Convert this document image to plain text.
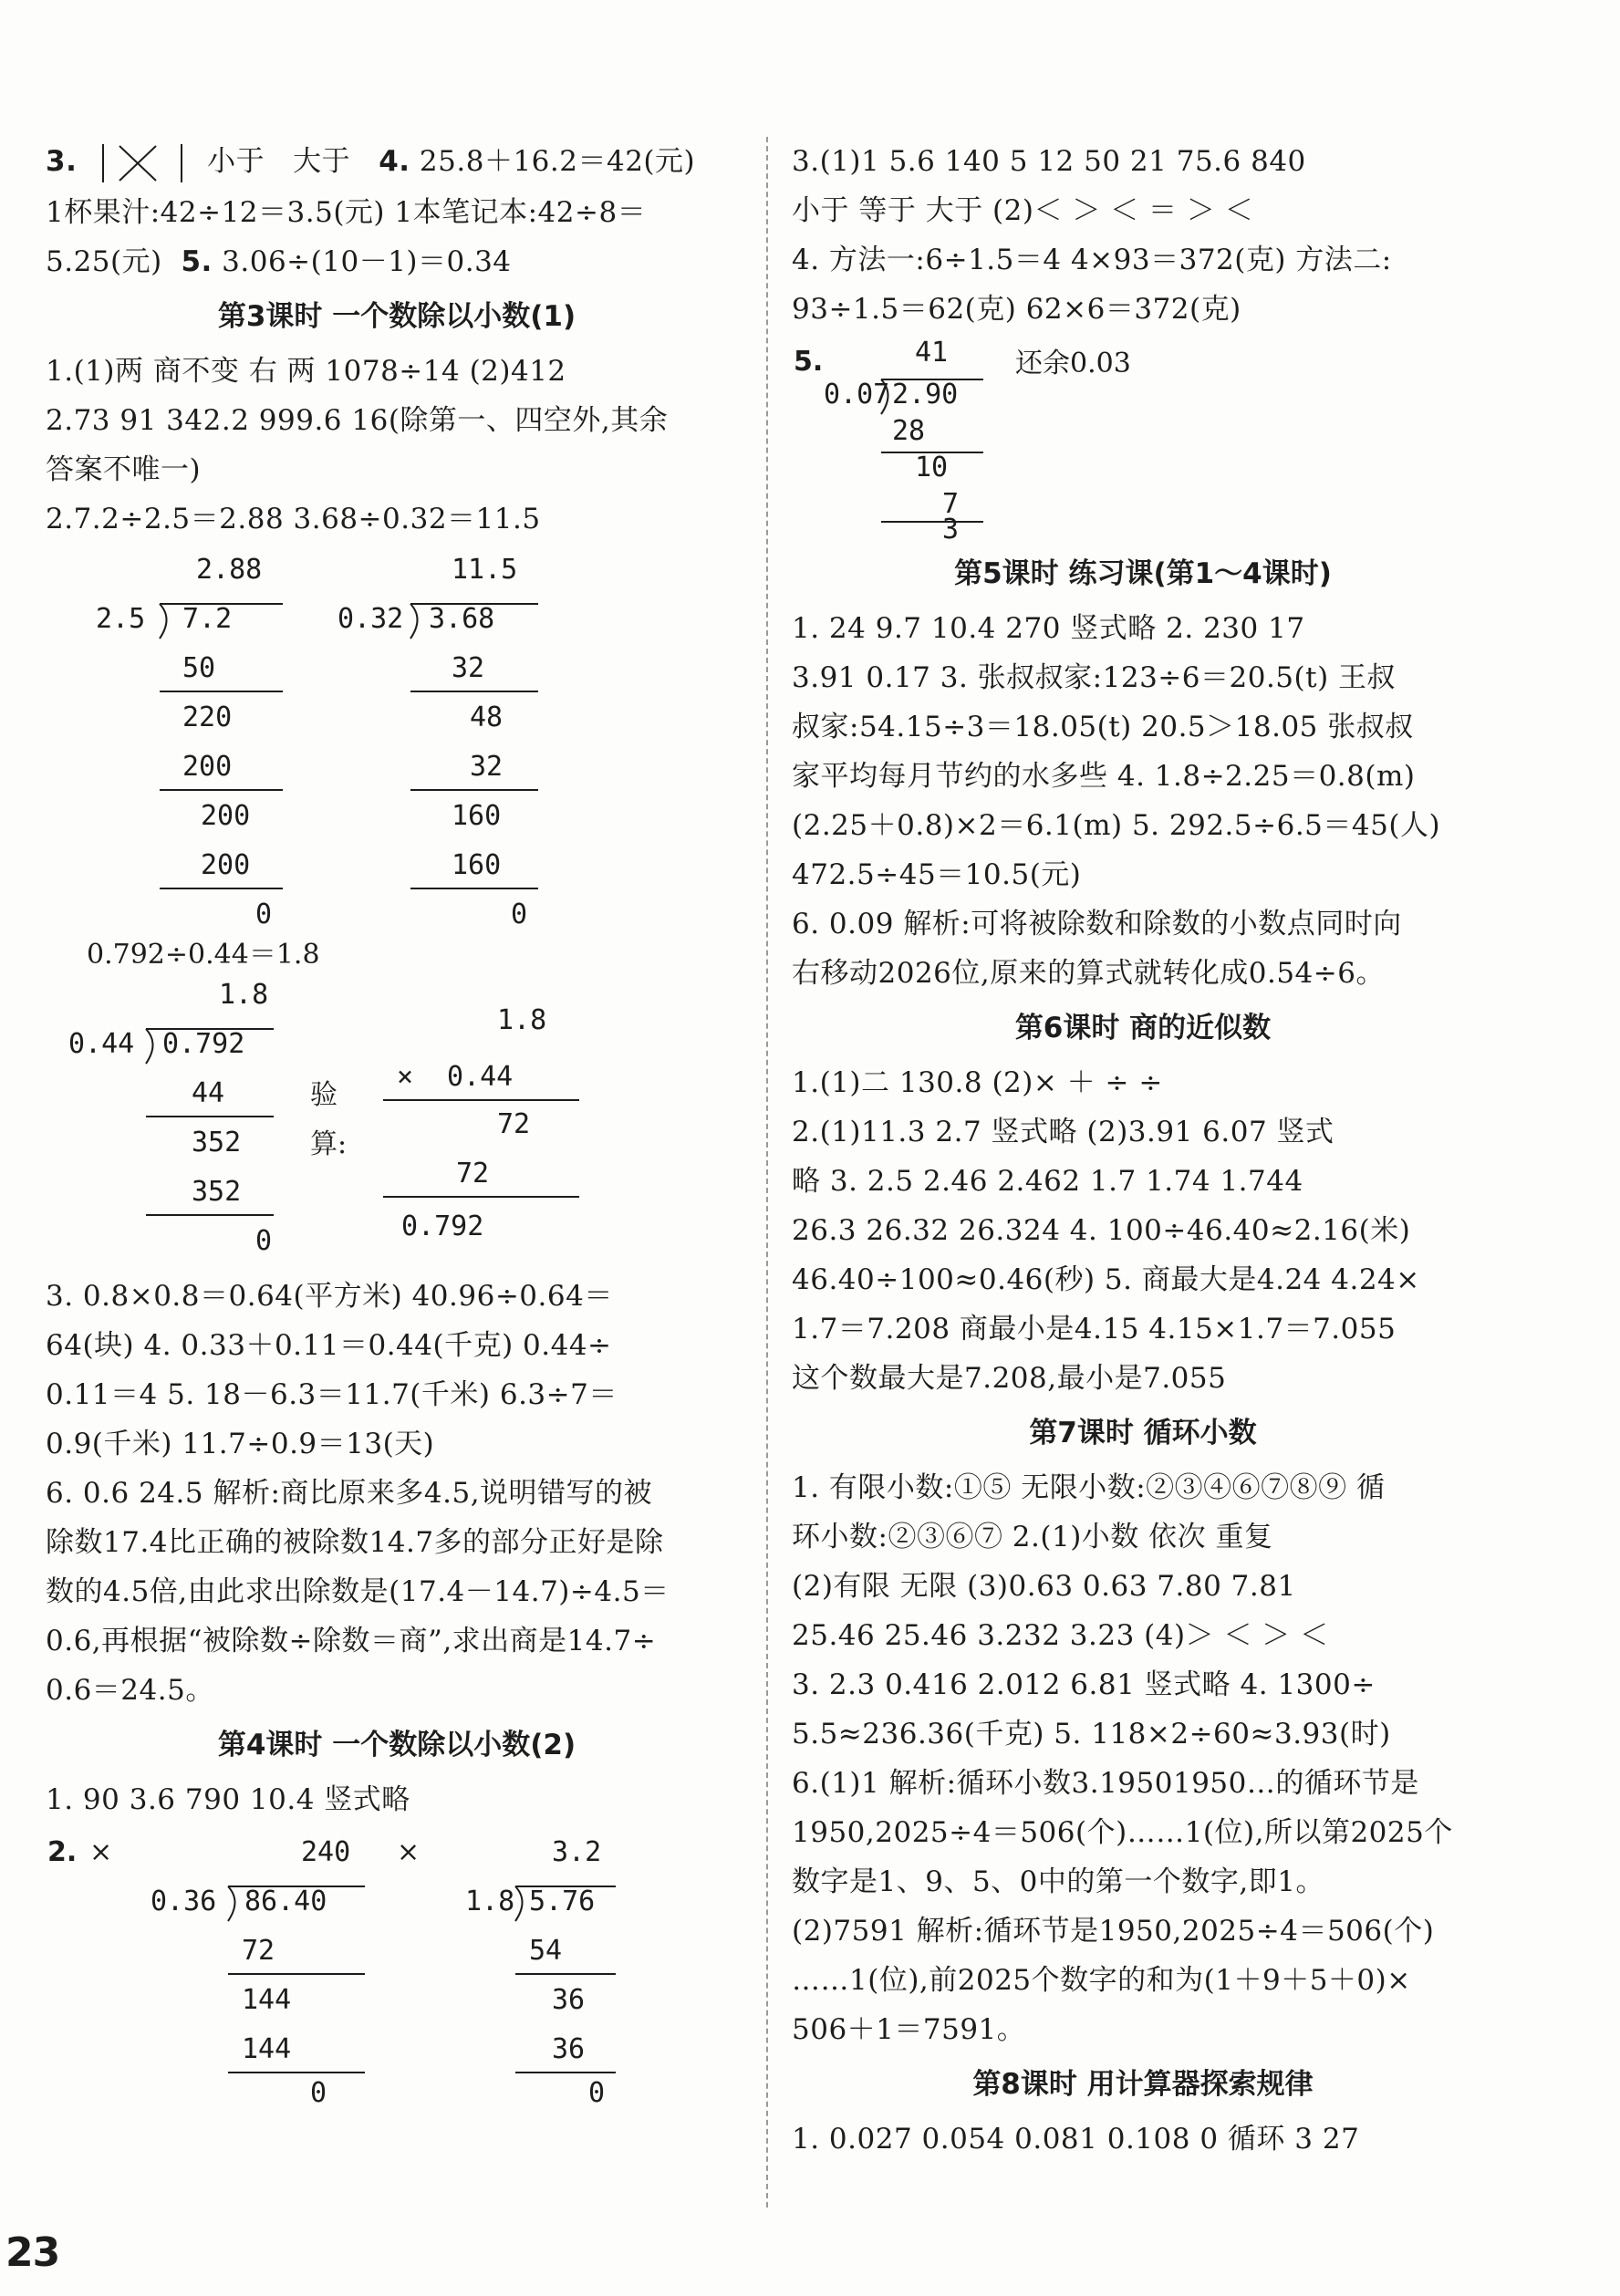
3.	小于 大于 4. 25.8＋16.2＝42(元)
1杯果汁:42÷12＝3.5(元) 1本笔记本:42÷8＝
5.25(元) 5. 3.06÷(10－1)＝0.34
第3课时 一个数除以小数(1)
1.(1)两 商不变 右 两 1078÷14 (2)412
2.73 91 342.2 999.6 16(除第一、四空外,其余
答案不唯一)
2.7.2÷2.5＝2.88 3.68÷0.32＝11.5
2.88
2.5 7.2
50
220
200
200
200
0
11.5
0.32 3.68
32
48
32
160
160
0
0.792÷0.44＝1.8

1.8
0.44 0.792
44
352
352
0
验
算:
1.8
× 0.44
72
72
0.792
3. 0.8×0.8＝0.64(平方米) 40.96÷0.64＝
64(块) 4. 0.33＋0.11＝0.44(千克) 0.44÷
0.11＝4 5. 18－6.3＝11.7(千米) 6.3÷7＝
0.9(千米) 11.7÷0.9＝13(天)
6. 0.6 24.5 解析:商比原来多4.5,说明错写的被
除数17.4比正确的被除数14.7多的部分正好是除
数的4.5倍,由此求出除数是(17.4－14.7)÷4.5＝
0.6,再根据“被除数÷除数＝商”,求出商是14.7÷
0.6＝24.5。
第4课时 一个数除以小数(2)
1. 90 3.6 790 10.4 竖式略
2. ×	240
0.36 86.40
72
144
144
0
×	3.2
1.8 5.76
54
36
36
0
3.(1)1 5.6 140 5 12 50 21 75.6 840
小于 等于 大于 (2)＜ ＞ ＜ ＝ ＞ ＜
4. 方法一:6÷1.5＝4 4×93＝372(克) 方法二:
93÷1.5＝62(克) 62×6＝372(克)
5.	41 还余0.03
0.07 2.90
28
10
7
3
第5课时 练习课(第1～4课时)
1. 24 9.7 10.4 270 竖式略 2. 230 17
3.91 0.17 3. 张叔叔家:123÷6＝20.5(t) 王叔
叔家:54.15÷3＝18.05(t) 20.5＞18.05 张叔叔
家平均每月节约的水多些 4. 1.8÷2.25＝0.8(m)
(2.25＋0.8)×2＝6.1(m) 5. 292.5÷6.5＝45(人)
472.5÷45＝10.5(元)
6. 0.09 解析:可将被除数和除数的小数点同时向
右移动2026位,原来的算式就转化成0.54÷6。
第6课时 商的近似数
1.(1)二 130.8 (2)× ＋ ÷ ÷
2.(1)11.3 2.7 竖式略 (2)3.91 6.07 竖式
略 3. 2.5 2.46 2.462 1.7 1.74 1.744
26.3 26.32 26.324 4. 100÷46.40≈2.16(米)
46.40÷100≈0.46(秒) 5. 商最大是4.24 4.24×
1.7＝7.208 商最小是4.15 4.15×1.7＝7.055
这个数最大是7.208,最小是7.055
第7课时 循环小数
1. 有限小数:①⑤ 无限小数:②③④⑥⑦⑧⑨ 循
环小数:②③⑥⑦ 2.(1)小数 依次 重复
(2)有限 无限 (3)0.63 0.63 7.80 7.81
25.46 25.46 3.232 3.23 (4)＞ ＜ ＞ ＜
3. 2.3 0.416 2.012 6.81 竖式略 4. 1300÷
5.5≈236.36(千克) 5. 118×2÷60≈3.93(时)
6.(1)1 解析:循环小数3.19501950…的循环节是
1950,2025÷4＝506(个)……1(位),所以第2025个
数字是1、9、5、0中的第一个数字,即1。
(2)7591 解析:循环节是1950,2025÷4＝506(个)
……1(位),前2025个数字的和为(1＋9＋5＋0)×
506＋1＝7591。
第8课时 用计算器探索规律
1. 0.027 0.054 0.081 0.108 0 循环 3 27
23
